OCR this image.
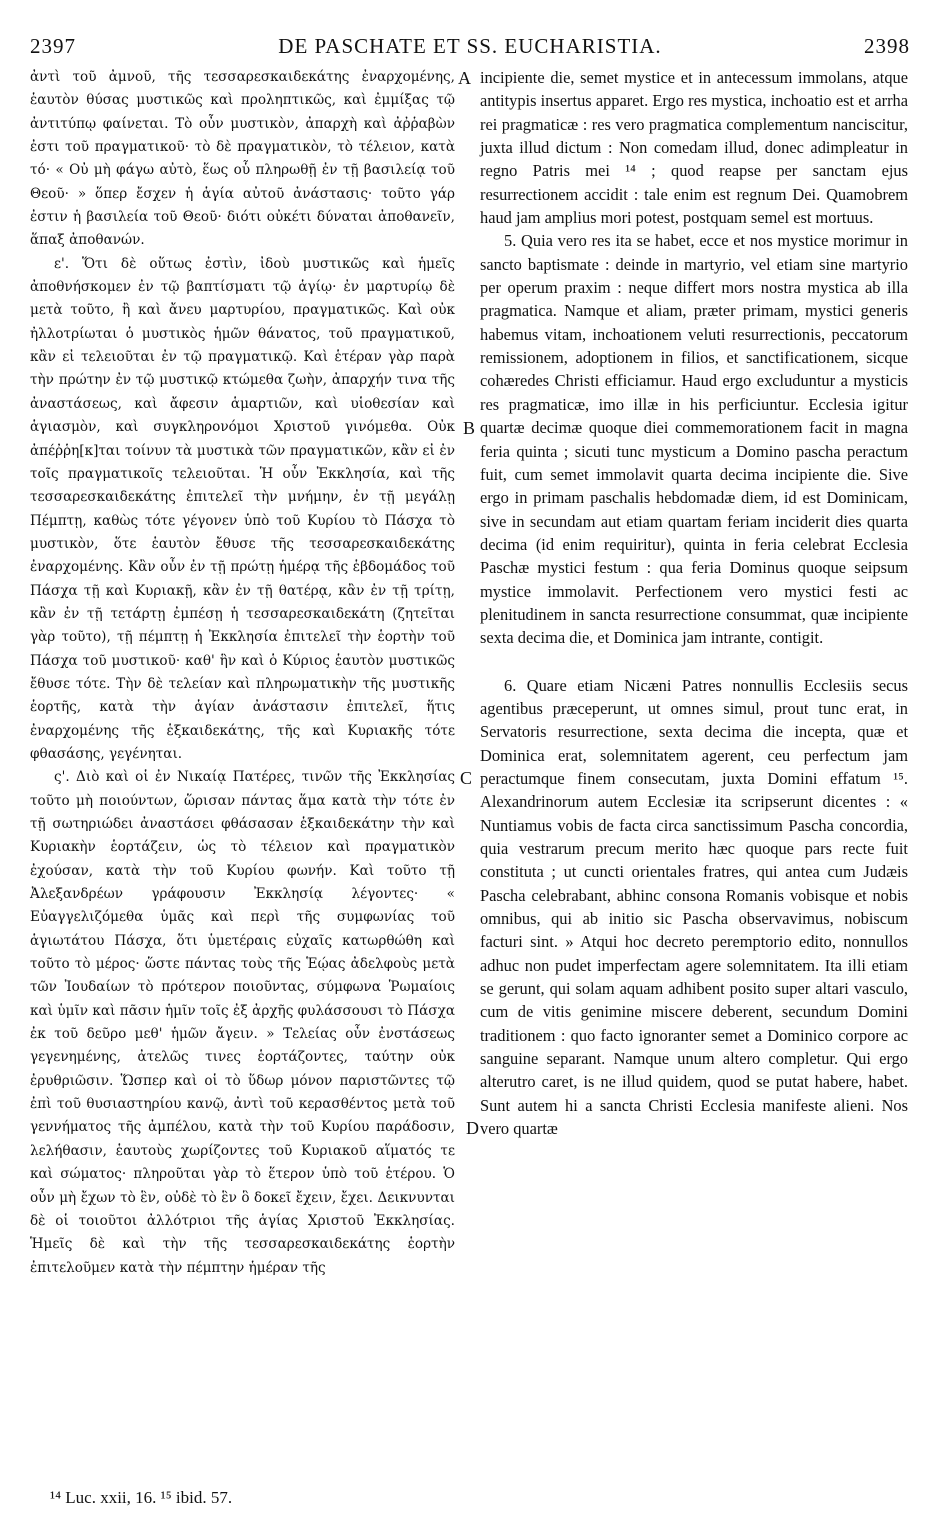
2397	DE PASCHATE ET SS. EUCHARISTIA.	2398

ἀντὶ τοῦ ἀμνοῦ, τῆς τεσσαρεσκαιδεκάτης ἐναρχομένης, ἑαυτὸν θύσας μυστικῶς καὶ προληπτικῶς, καὶ ἐμμίξας τῷ ἀντιτύπῳ φαίνεται. Τὸ οὖν μυστικὸν, ἀπαρχὴ καὶ ἀῤῥαβὼν ἐστι τοῦ πραγματικοῦ· τὸ δὲ πραγματικὸν, τὸ τέλειον, κατὰ τό· « Οὐ μὴ φάγω αὐτὸ, ἕως οὗ πληρωθῇ ἐν τῇ βασιλείᾳ τοῦ Θεοῦ· » ὅπερ ἔσχεν ἡ ἁγία αὐτοῦ ἀνάστασις· τοῦτο γάρ ἐστιν ἡ βασιλεία τοῦ Θεοῦ· διότι οὐκέτι δύναται ἀποθανεῖν, ἅπαξ ἀποθανών.

ε'. Ὅτι δὲ οὕτως ἐστὶν, ἰδοὺ μυστικῶς καὶ ἡμεῖς ἀποθνήσκομεν ἐν τῷ βαπτίσματι τῷ ἁγίῳ· ἐν μαρτυρίῳ δὲ μετὰ τοῦτο, ἢ καὶ ἄνευ μαρτυρίου, πραγματικῶς. Καὶ οὐκ ἠλλοτρίωται ὁ μυστικὸς ἡμῶν θάνατος, τοῦ πραγματικοῦ, κἂν εἰ τελειοῦται ἐν τῷ πραγματικῷ. Καὶ ἑτέραν γὰρ παρὰ τὴν πρώτην ἐν τῷ μυστικῷ κτώμεθα ζωὴν, ἀπαρχήν τινα τῆς ἀναστάσεως, καὶ ἄφεσιν ἁμαρτιῶν, καὶ υἱοθεσίαν καὶ ἁγιασμὸν, καὶ συγκληρονόμοι Χριστοῦ γινόμεθα. Οὐκ ἀπέῤῥη[κ]ται τοίνυν τὰ μυστικὰ τῶν πραγματικῶν, κἂν εἰ ἐν τοῖς πραγματικοῖς τελειοῦται. Ἡ οὖν Ἐκκλησία, καὶ τῆς τεσσαρεσκαιδεκάτης ἐπιτελεῖ τὴν μνήμην, ἐν τῇ μεγάλῃ Πέμπτῃ, καθὼς τότε γέγονεν ὑπὸ τοῦ Κυρίου τὸ Πάσχα τὸ μυστικὸν, ὅτε ἑαυτὸν ἔθυσε τῆς τεσσαρεσκαιδεκάτης ἐναρχομένης. Κἂν οὖν ἐν τῇ πρώτῃ ἡμέρᾳ τῆς ἑβδομάδος τοῦ Πάσχα τῇ καὶ Κυριακῇ, κἂν ἐν τῇ θατέρᾳ, κἂν ἐν τῇ τρίτῃ, κἂν ἐν τῇ τετάρτῃ ἐμπέσῃ ἡ τεσσαρεσκαιδεκάτη (ζητεῖται γὰρ τοῦτο), τῇ πέμπτῃ ἡ Ἐκκλησία ἐπιτελεῖ τὴν ἑορτὴν τοῦ Πάσχα τοῦ μυστικοῦ· καθ' ἣν καὶ ὁ Κύριος ἑαυτὸν μυστικῶς ἔθυσε τότε. Τὴν δὲ τελείαν καὶ πληρωματικὴν τῆς μυστικῆς ἑορτῆς, κατὰ τὴν ἁγίαν ἀνάστασιν ἐπιτελεῖ, ἥτις ἐναρχομένης τῆς ἑξκαιδεκάτης, τῆς καὶ Κυριακῆς τότε φθασάσης, γεγένηται.

ς'. Διὸ καὶ οἱ ἐν Νικαίᾳ Πατέρες, τινῶν τῆς Ἐκκλησίας τοῦτο μὴ ποιούντων, ὥρισαν πάντας ἅμα κατὰ τὴν τότε ἐν τῇ σωτηριώδει ἀναστάσει φθάσασαν ἑξκαιδεκάτην τὴν καὶ Κυριακὴν ἑορτάζειν, ὡς τὸ τέλειον καὶ πραγματικὸν ἐχούσαν, κατὰ τὴν τοῦ Κυρίου φωνήν. Καὶ τοῦτο τῇ Ἀλεξανδρέων γράφουσιν Ἐκκλησίᾳ λέγοντες· « Εὐαγγελιζόμεθα ὑμᾶς καὶ περὶ τῆς συμφωνίας τοῦ ἁγιωτάτου Πάσχα, ὅτι ὑμετέραις εὐχαῖς κατωρθώθη καὶ τοῦτο τὸ μέρος· ὥστε πάντας τοὺς τῆς Ἑῴας ἀδελφοὺς μετὰ τῶν Ἰουδαίων τὸ πρότερον ποιοῦντας, σύμφωνα Ῥωμαίοις καὶ ὑμῖν καὶ πᾶσιν ἡμῖν τοῖς ἐξ ἀρχῆς φυλάσσουσι τὸ Πάσχα ἐκ τοῦ δεῦρο μεθ' ἡμῶν ἄγειν. » Τελείας οὖν ἐνστάσεως γεγενημένης, ἀτελῶς τινες ἑορτάζοντες, ταύτην οὐκ ἐρυθριῶσιν. Ὥσπερ καὶ οἱ τὸ ὕδωρ μόνον παριστῶντες τῷ ἐπὶ τοῦ θυσιαστηρίου κανῷ, ἀντὶ τοῦ κερασθέντος μετὰ τοῦ γεννήματος τῆς ἀμπέλου, κατὰ τὴν τοῦ Κυρίου παράδοσιν, λελήθασιν, ἑαυτοὺς χωρίζοντες τοῦ Κυριακοῦ αἵματός τε καὶ σώματος· πληροῦται γὰρ τὸ ἕτερον ὑπὸ τοῦ ἑτέρου. Ὁ οὖν μὴ ἔχων τὸ ἓν, οὐδὲ τὸ ἓν ὃ δοκεῖ ἔχειν, ἔχει. Δεικνυνται δὲ οἱ τοιοῦτοι ἀλλότριοι τῆς ἁγίας Χριστοῦ Ἐκκλησίας. Ἡμεῖς δὲ καὶ τὴν τῆς τεσσαρεσκαιδεκάτης ἑορτὴν ἐπιτελοῦμεν κατὰ τὴν πέμπτην ἡμέραν τῆς

A
B
C
D

incipiente die, semet mystice et in antecessum immolans, atque antitypis insertus apparet. Ergo res mystica, inchoatio est et arrha rei pragmaticæ : res vero pragmatica complementum nanciscitur, juxta illud dictum : Non comedam illud, donec adimpleatur in regno Patris mei ¹⁴ ; quod reapse per sanctam ejus resurrectionem accidit : tale enim est regnum Dei. Quamobrem haud jam amplius mori potest, postquam semel est mortuus.

5. Quia vero res ita se habet, ecce et nos mystice morimur in sancto baptismate : deinde in martyrio, vel etiam sine martyrio per operum praxim : neque differt mors nostra mystica ab illa pragmatica. Namque et aliam, præter primam, mystici generis habemus vitam, inchoationem veluti resurrectionis, peccatorum remissionem, adoptionem in filios, et sanctificationem, sicque cohæredes Christi efficiamur. Haud ergo excluduntur a mysticis res pragmaticæ, imo illæ in his perficiuntur. Ecclesia igitur quartæ decimæ quoque diei commemorationem facit in magna feria quinta ; sicuti tunc mysticum a Domino pascha peractum fuit, cum semet immolavit quarta decima incipiente die. Sive ergo in primam paschalis hebdomadæ diem, id est Dominicam, sive in secundam aut etiam quartam feriam inciderit dies quarta decima (id enim requiritur), quinta in feria celebrat Ecclesia Paschæ mystici festum : qua feria Dominus quoque seipsum mystice immolavit. Perfectionem vero mystici festi ac plenitudinem in sancta resurrectione consummat, quæ incipiente sexta decima die, et Dominica jam intrante, contigit.

6. Quare etiam Nicæni Patres nonnullis Ecclesiis secus agentibus præceperunt, ut omnes simul, prout tunc erat, in Servatoris resurrectione, sexta decima die incepta, quæ et Dominica erat, solemnitatem agerent, ceu perfectum jam peractumque finem consecutam, juxta Domini effatum ¹⁵. Alexandrinorum autem Ecclesiæ ita scripserunt dicentes : « Nuntiamus vobis de facta circa sanctissimum Pascha concordia, quia vestrarum precum merito hæc quoque pars recte fuit constituta ; ut cuncti orientales fratres, qui antea cum Judæis Pascha celebrabant, abhinc consona Romanis vobisque et nobis omnibus, qui ab initio sic Pascha observavimus, nobiscum facturi sint. » Atqui hoc decreto peremptorio edito, nonnullos adhuc non pudet imperfectam agere solemnitatem. Ita illi etiam se gerunt, qui solam aquam adhibent posito super altari vasculo, cum de vitis genimine miscere deberent, secundum Domini traditionem : quo facto ignoranter semet a Dominico corpore ac sanguine separant. Namque unum altero completur. Qui ergo alterutro caret, is ne illud quidem, quod se putat habere, habet. Sunt autem hi a sancta Christi Ecclesia manifeste alieni. Nos vero quartæ

¹⁴ Luc. xxii, 16. ¹⁵ ibid. 57.
